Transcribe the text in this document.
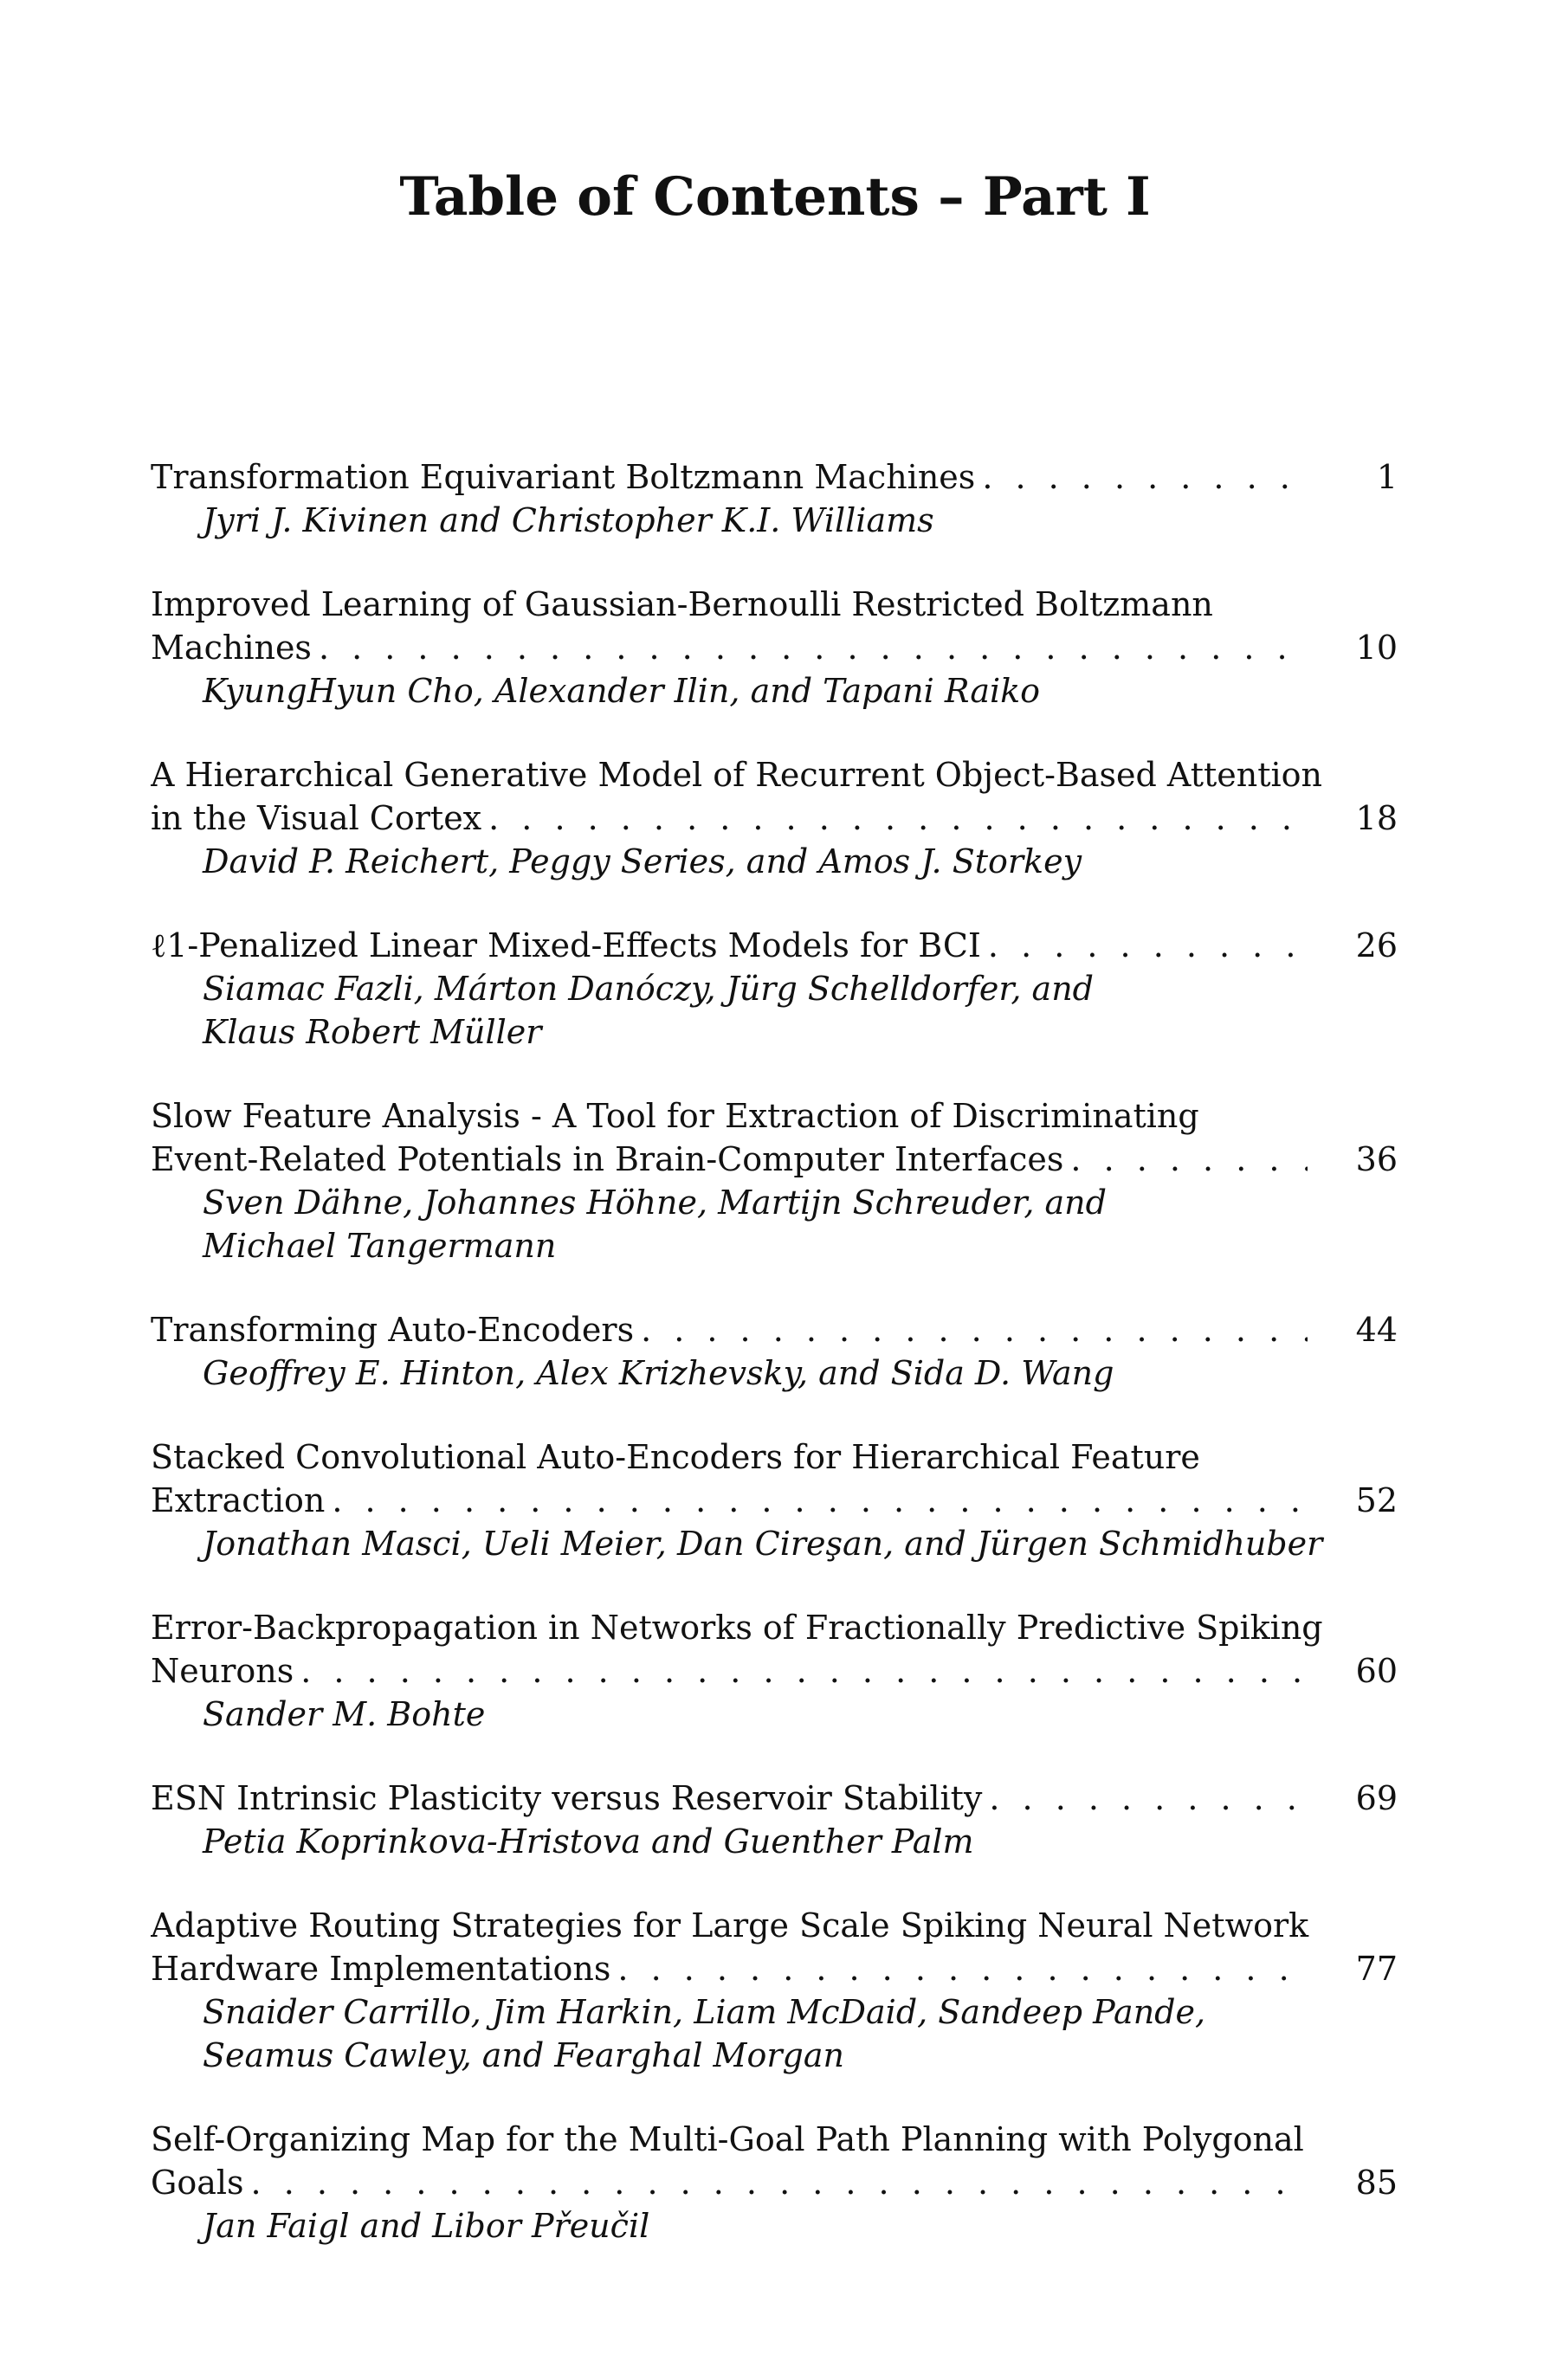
Table of Contents – Part I
Transformation Equivariant Boltzmann Machines . . .	1
Jyri J. Kivinen and Christopher K.I. Williams
Improved Learning of Gaussian-Bernoulli Restricted Boltzmann
Machines . . .	10
KyungHyun Cho, Alexander Ilin, and Tapani Raiko
A Hierarchical Generative Model of Recurrent Object-Based Attention
in the Visual Cortex . . .	18
David P. Reichert, Peggy Series, and Amos J. Storkey
ℓ1-Penalized Linear Mixed-Effects Models for BCI . . .	26
Siamac Fazli, Márton Danóczy, Jürg Schelldorfer, and
Klaus Robert Müller
Slow Feature Analysis - A Tool for Extraction of Discriminating
Event-Related Potentials in Brain-Computer Interfaces . . .	36
Sven Dähne, Johannes Höhne, Martijn Schreuder, and
Michael Tangermann
Transforming Auto-Encoders . . .	44
Geoffrey E. Hinton, Alex Krizhevsky, and Sida D. Wang
Stacked Convolutional Auto-Encoders for Hierarchical Feature
Extraction . . .	52
Jonathan Masci, Ueli Meier, Dan Cireşan, and Jürgen Schmidhuber
Error-Backpropagation in Networks of Fractionally Predictive Spiking
Neurons . . .	60
Sander M. Bohte
ESN Intrinsic Plasticity versus Reservoir Stability . . .	69
Petia Koprinkova-Hristova and Guenther Palm
Adaptive Routing Strategies for Large Scale Spiking Neural Network
Hardware Implementations . . .	77
Snaider Carrillo, Jim Harkin, Liam McDaid, Sandeep Pande,
Seamus Cawley, and Fearghal Morgan
Self-Organizing Map for the Multi-Goal Path Planning with Polygonal
Goals . . .	85
Jan Faigl and Libor Přeučil
